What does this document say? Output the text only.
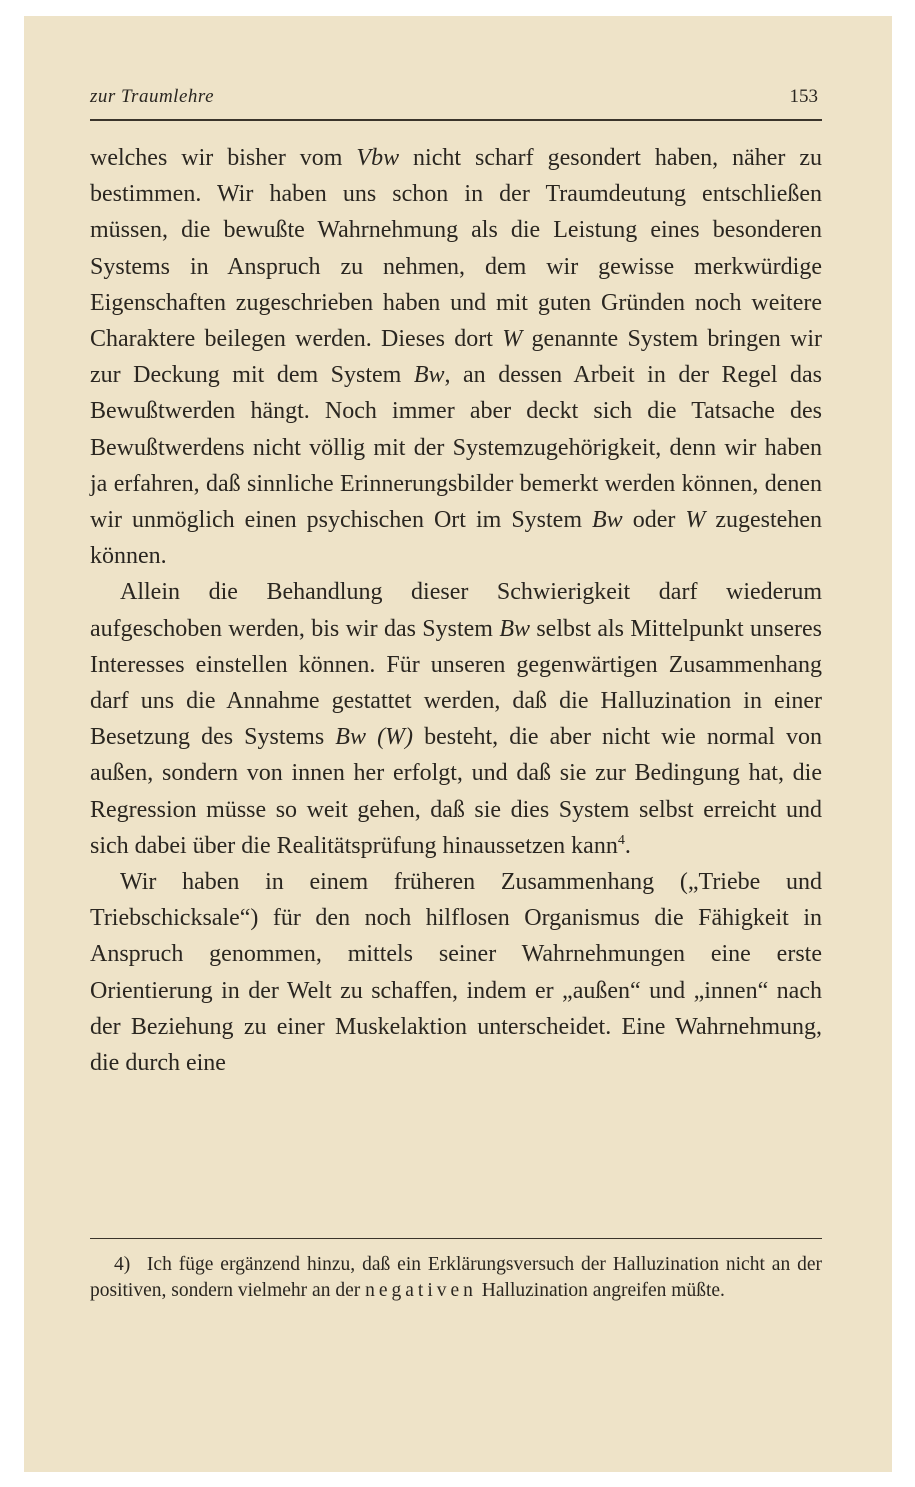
zur Traumlehre	153

welches wir bisher vom Vbw nicht scharf gesondert haben, näher zu bestimmen. Wir haben uns schon in der Traumdeutung entschließen müssen, die bewußte Wahrnehmung als die Leistung eines besonderen Systems in Anspruch zu nehmen, dem wir gewisse merkwürdige Eigenschaften zugeschrieben haben und mit guten Gründen noch weitere Charaktere beilegen werden. Dieses dort W genannte System bringen wir zur Deckung mit dem System Bw, an dessen Arbeit in der Regel das Bewußtwerden hängt. Noch immer aber deckt sich die Tatsache des Bewußtwerdens nicht völlig mit der Systemzugehörigkeit, denn wir haben ja erfahren, daß sinnliche Erinnerungsbilder bemerkt werden können, denen wir unmöglich einen psychischen Ort im System Bw oder W zugestehen können.

Allein die Behandlung dieser Schwierigkeit darf wiederum aufgeschoben werden, bis wir das System Bw selbst als Mittelpunkt unseres Interesses einstellen können. Für unseren gegenwärtigen Zusammenhang darf uns die Annahme gestattet werden, daß die Halluzination in einer Besetzung des Systems Bw (W) besteht, die aber nicht wie normal von außen, sondern von innen her erfolgt, und daß sie zur Bedingung hat, die Regression müsse so weit gehen, daß sie dies System selbst erreicht und sich dabei über die Realitätsprüfung hinaussetzen kann$^4$.

Wir haben in einem früheren Zusammenhang („Triebe und Triebschicksale“) für den noch hilflosen Organismus die Fähigkeit in Anspruch genommen, mittels seiner Wahrnehmungen eine erste Orientierung in der Welt zu schaffen, indem er „außen“ und „innen“ nach der Beziehung zu einer Muskelaktion unterscheidet. Eine Wahrnehmung, die durch eine

4) Ich füge ergänzend hinzu, daß ein Erklärungsversuch der Halluzination nicht an der positiven, sondern vielmehr an der negativen Halluzination angreifen müßte.
